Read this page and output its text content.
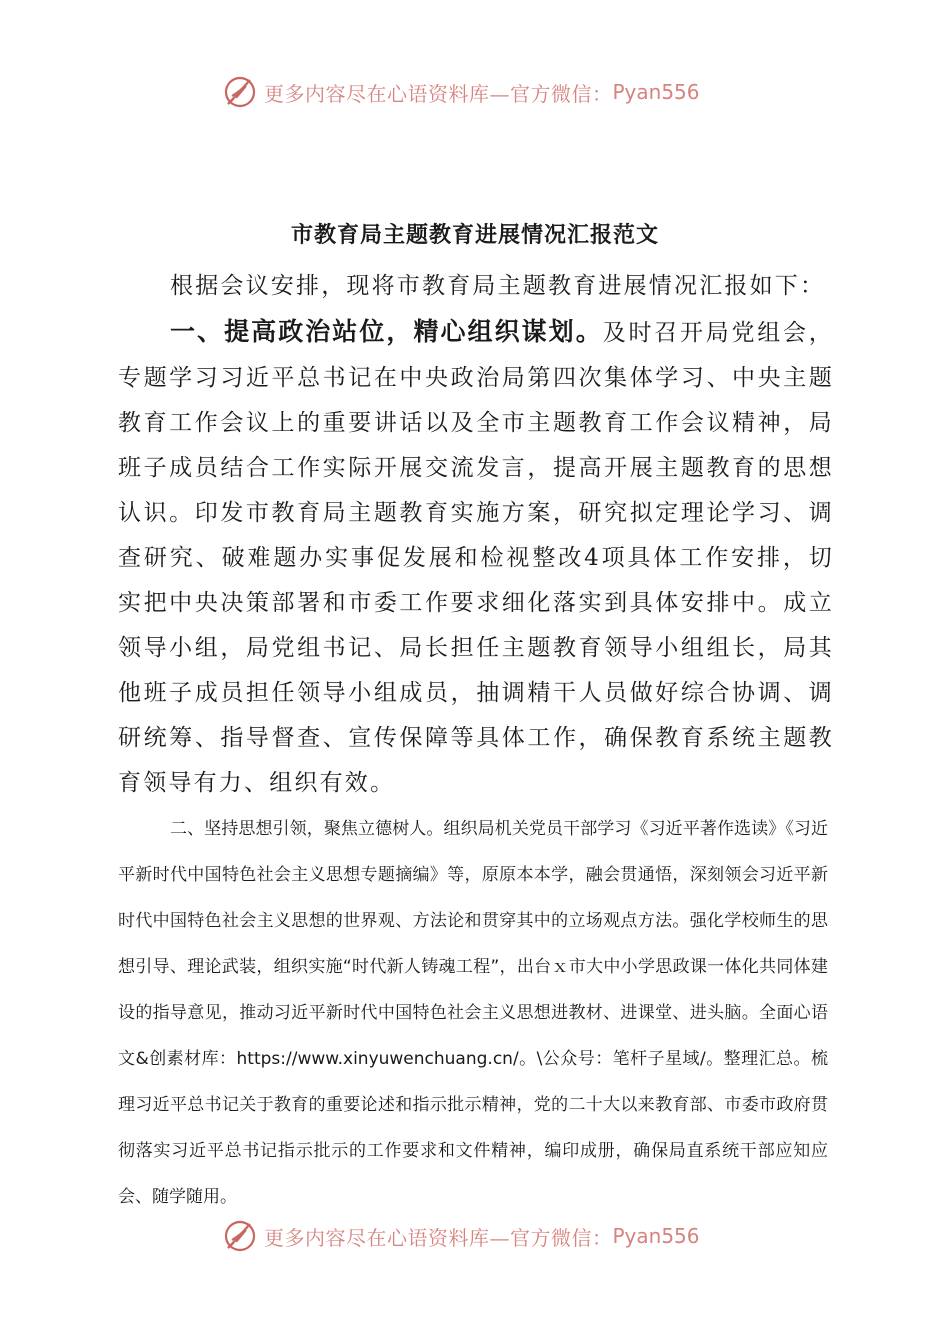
更多内容尽在心语资料库—官方微信： Pyan556
市教育局主题教育进展情况汇报范文

根据会议安排，现将市教育局主题教育进展情况汇报如下：

一、提高政治站位，精心组织谋划。及时召开局党组会，专题学习习近平总书记在中央政治局第四次集体学习、中央主题教育工作会议上的重要讲话以及全市主题教育工作会议精神，局班子成员结合工作实际开展交流发言，提高开展主题教育的思想认识。印发市教育局主题教育实施方案，研究拟定理论学习、调查研究、破难题办实事促发展和检视整改4项具体工作安排，切实把中央决策部署和市委工作要求细化落实到具体安排中。成立领导小组，局党组书记、局长担任主题教育领导小组组长，局其他班子成员担任领导小组成员，抽调精干人员做好综合协调、调研统筹、指导督查、宣传保障等具体工作，确保教育系统主题教育领导有力、组织有效。

二、坚持思想引领，聚焦立德树人。组织局机关党员干部学习《习近平著作选读》《习近平新时代中国特色社会主义思想专题摘编》等，原原本本学，融会贯通悟，深刻领会习近平新时代中国特色社会主义思想的世界观、方法论和贯穿其中的立场观点方法。强化学校师生的思想引导、理论武装，组织实施“时代新人铸魂工程”，出台ｘ市大中小学思政课一体化共同体建设的指导意见，推动习近平新时代中国特色社会主义思想进教材、进课堂、进头脑。全面心语文&创素材库：https://www.xinyuwenchuang.cn/。\公众号：笔杆子星域/。整理汇总。梳理习近平总书记关于教育的重要论述和指示批示精神，党的二十大以来教育部、市委市政府贯彻落实习近平总书记指示批示的工作要求和文件精神，编印成册，确保局直系统干部应知应会、随学随用。

更多内容尽在心语资料库—官方微信： Pyan556
